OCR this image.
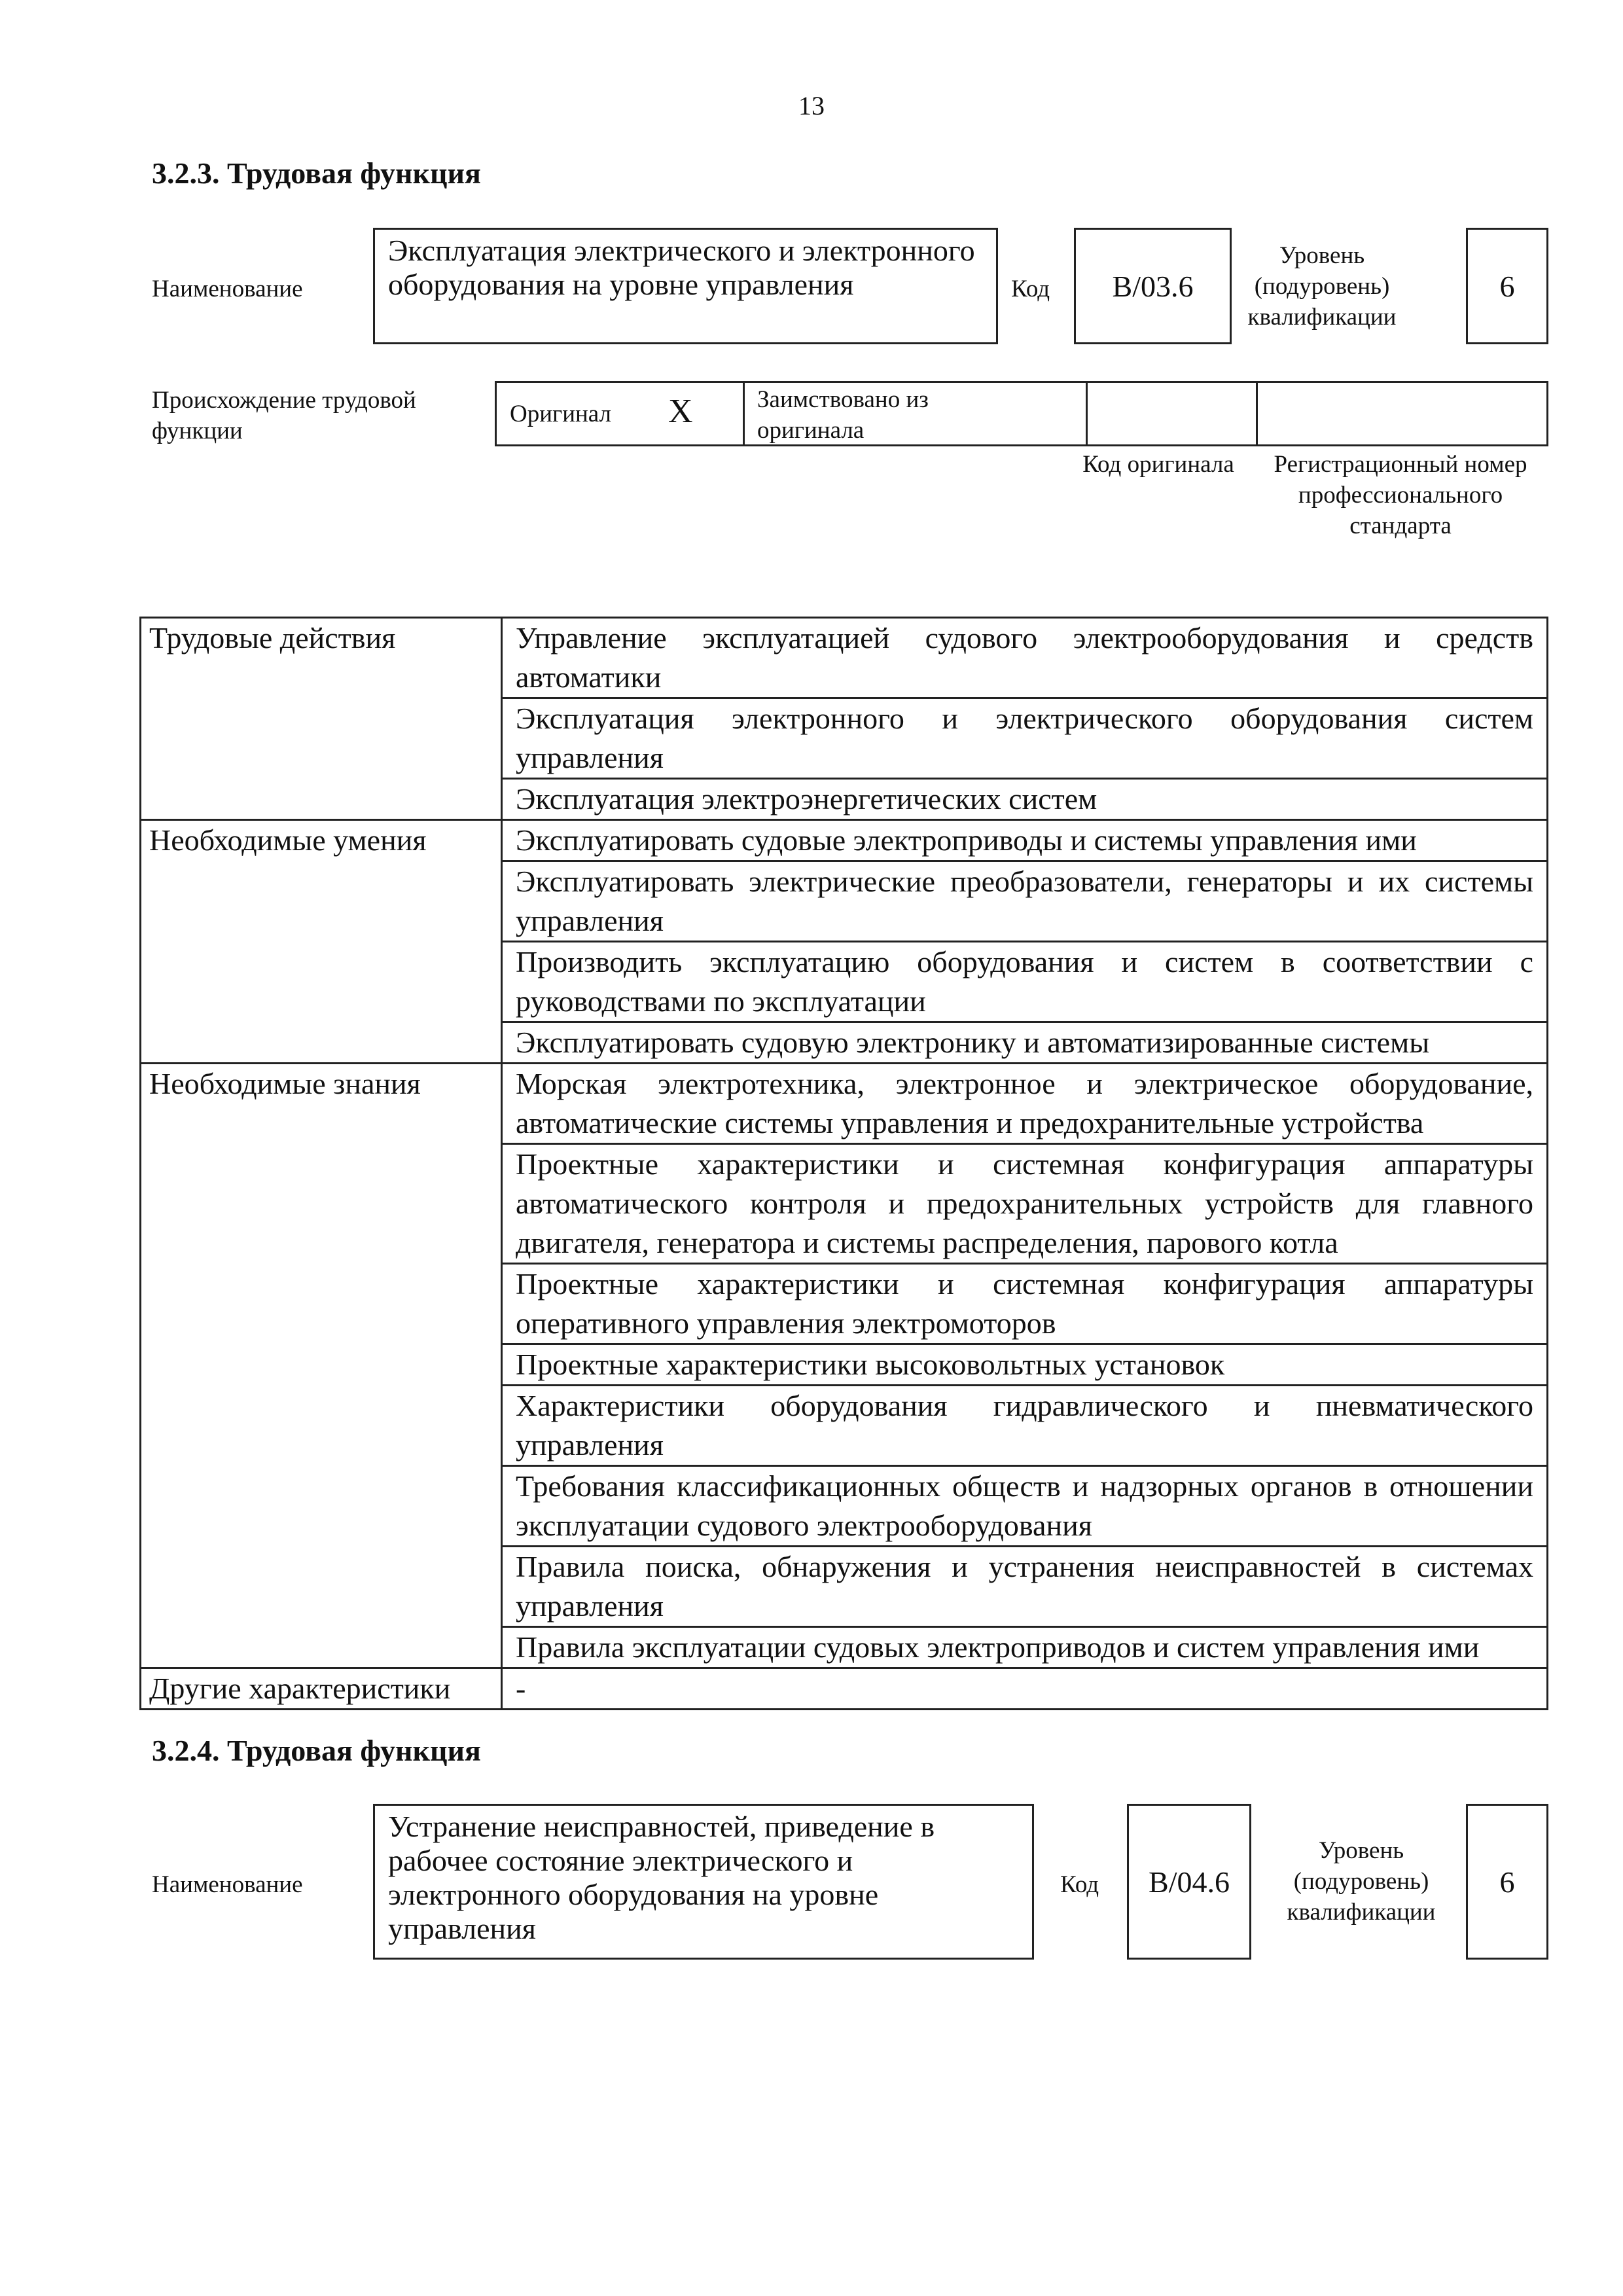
13
3.2.3. Трудовая функция
Наименование
Эксплуатация электрического и электронного оборудования на уровне управления	Код	B/03.6
Уровень (подуровень) квалификации
6
Происхождение трудовой функции
Оригинал X	Заимствовано из оригинала
Код оригинала	Регистрационный номер профессионального стандарта
Трудовые действия	Управление эксплуатацией судового электрооборудования и средств автоматики
	Эксплуатация электронного и электрического оборудования систем управления
	Эксплуатация электроэнергетических систем
Необходимые умения	Эксплуатировать судовые электроприводы и системы управления ими
	Эксплуатировать электрические преобразователи, генераторы и их системы управления
	Производить эксплуатацию оборудования и систем в соответствии с руководствами по эксплуатации
	Эксплуатировать судовую электронику и автоматизированные системы
Необходимые знания	Морская электротехника, электронное и электрическое оборудование, автоматические системы управления и предохранительные устройства
	Проектные характеристики и системная конфигурация аппаратуры автоматического контроля и предохранительных устройств для главного двигателя, генератора и системы распределения, парового котла
	Проектные характеристики и системная конфигурация аппаратуры оперативного управления электромоторов
	Проектные характеристики высоковольтных установок
	Характеристики оборудования гидравлического и пневматического управления
	Требования классификационных обществ и надзорных органов в отношении эксплуатации судового электрооборудования
	Правила поиска, обнаружения и устранения неисправностей в системах управления
	Правила эксплуатации судовых электроприводов и систем управления ими
Другие характеристики	-
3.2.4. Трудовая функция
Наименование
Устранение неисправностей, приведение в рабочее состояние электрического и электронного оборудования на уровне управления
Код	B/04.6
Уровень (подуровень) квалификации
6
